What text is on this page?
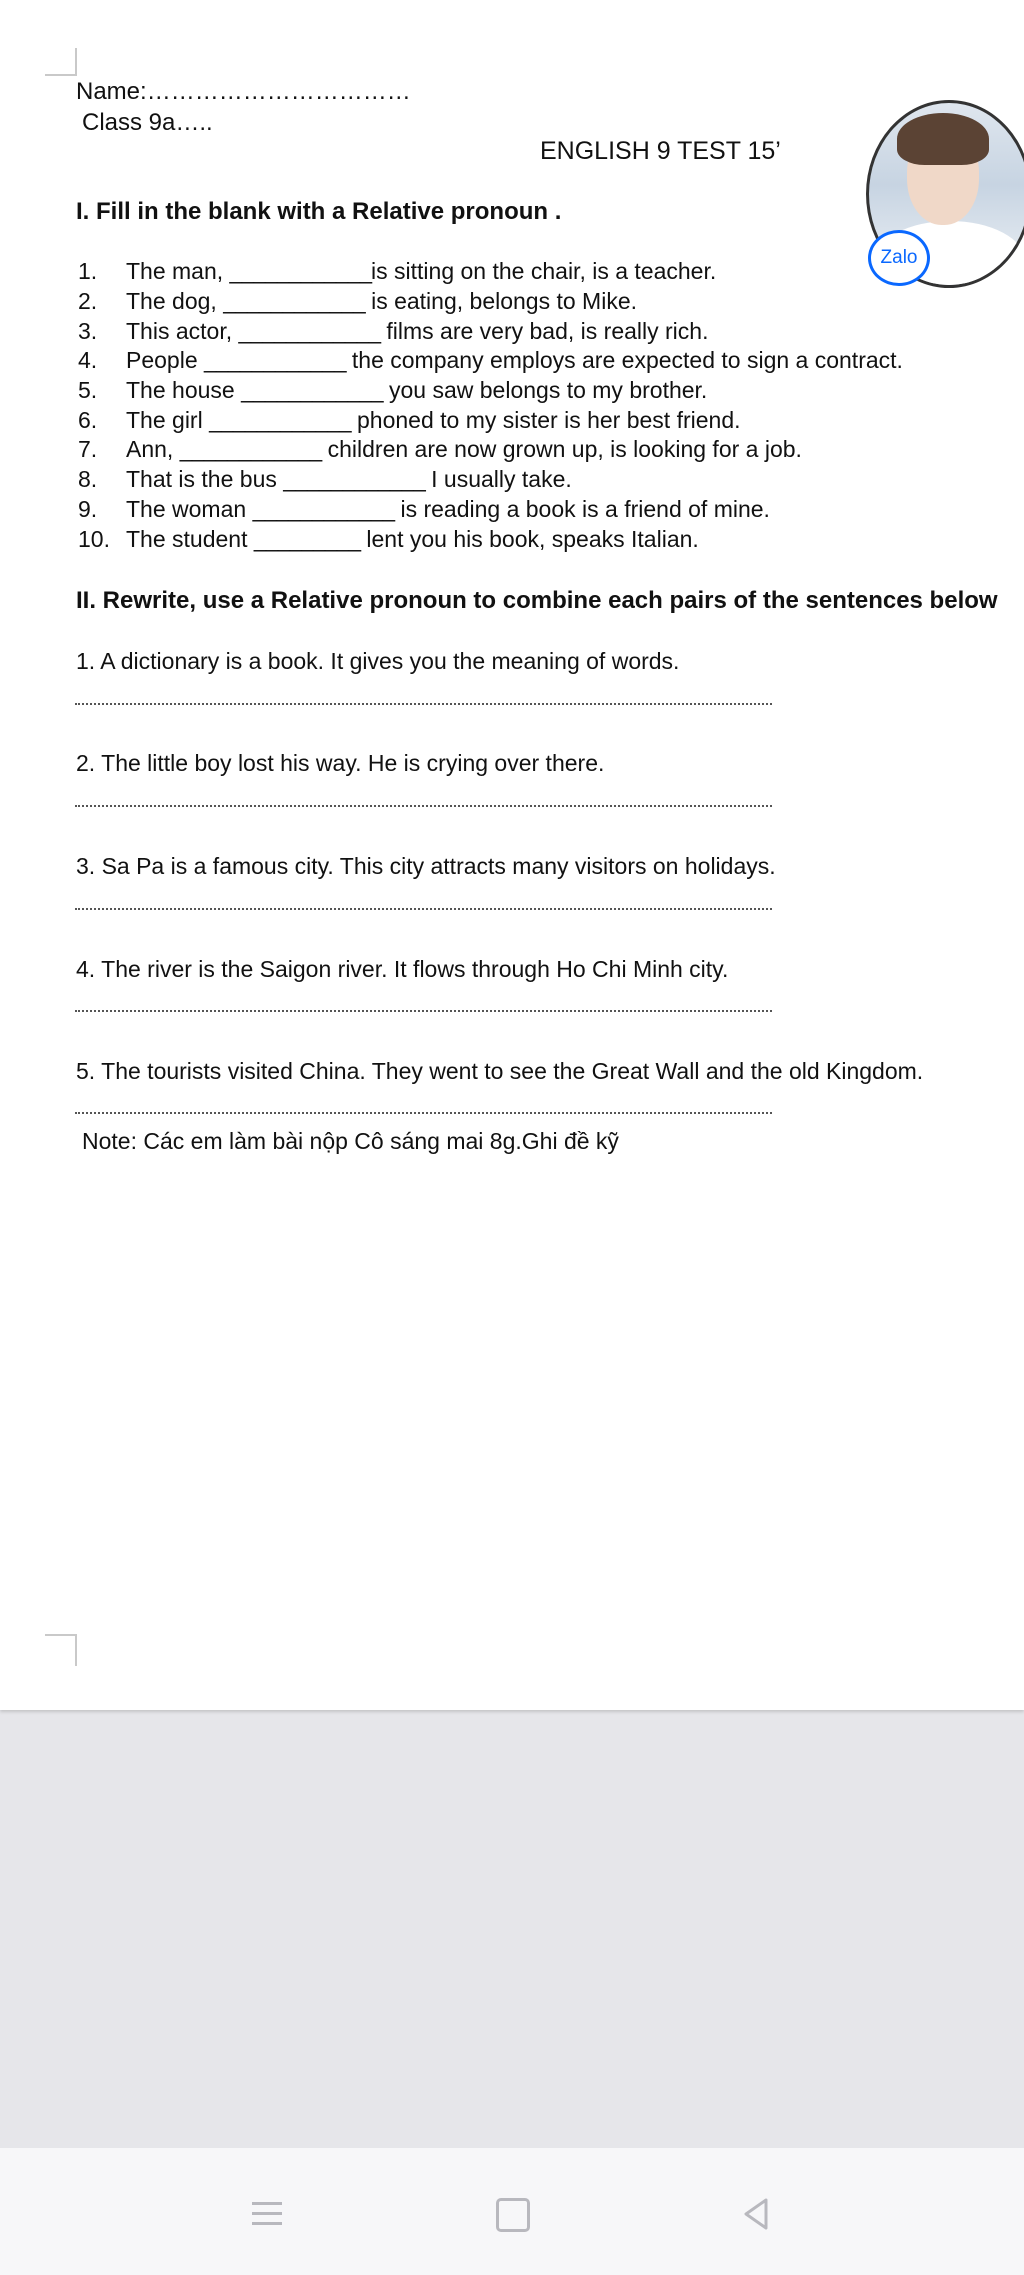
Name:……………………………
Class 9a…..
ENGLISH 9 TEST 15’
I. Fill in the blank with a Relative pronoun .
1. The man, ____________is sitting on the chair, is a teacher.
2. The dog, ____________ is eating, belongs to Mike.
3. This actor, ____________ films are very bad, is really rich.
4. People ____________ the company employs are expected to sign a contract.
5. The house ____________ you saw belongs to my brother.
6. The girl ____________ phoned to my sister is her best friend.
7. Ann, ____________ children are now grown up, is looking for a job.
8. That is the bus ____________ I usually take.
9. The woman ____________ is reading a book is a friend of mine.
10. The student _________ lent you his book, speaks Italian.
II. Rewrite, use a Relative pronoun to combine each pairs of the sentences below
1. A dictionary is a book. It gives you the meaning of words.
2. The little boy lost his way. He is crying over there.
3. Sa Pa is a famous city. This city attracts many visitors on holidays.
4. The river is the Saigon river. It flows through Ho Chi Minh city.
5. The tourists visited China. They went to see the Great Wall and the old Kingdom.
Note: Các em làm bài nộp Cô sáng mai 8g.Ghi đề kỹ
Zalo
